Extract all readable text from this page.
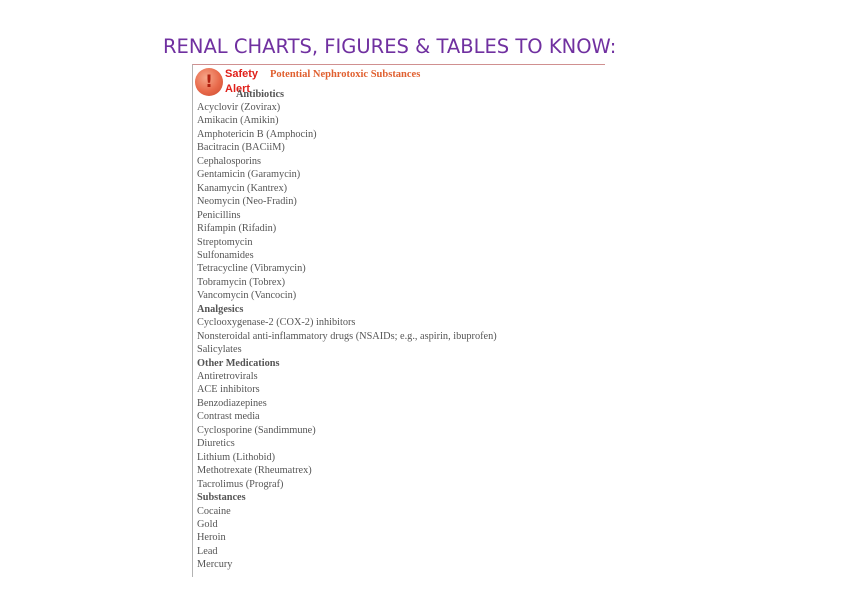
RENAL CHARTS, FIGURES & TABLES TO KNOW:
!	Safety
Alert
Potential Nephrotoxic Substances
Antibiotics
Acyclovir (Zovirax)
Amikacin (Amikin)
Amphotericin B (Amphocin)
Bacitracin (BACiiM)
Cephalosporins
Gentamicin (Garamycin)
Kanamycin (Kantrex)
Neomycin (Neo-Fradin)
Penicillins
Rifampin (Rifadin)
Streptomycin
Sulfonamides
Tetracycline (Vibramycin)
Tobramycin (Tobrex)
Vancomycin (Vancocin)
Analgesics
Cyclooxygenase-2 (COX-2) inhibitors
Nonsteroidal anti-inflammatory drugs (NSAIDs; e.g., aspirin, ibuprofen)
Salicylates
Other Medications
Antiretrovirals
ACE inhibitors
Benzodiazepines
Contrast media
Cyclosporine (Sandimmune)
Diuretics
Lithium (Lithobid)
Methotrexate (Rheumatrex)
Tacrolimus (Prograf)
Substances
Cocaine
Gold
Heroin
Lead
Mercury
